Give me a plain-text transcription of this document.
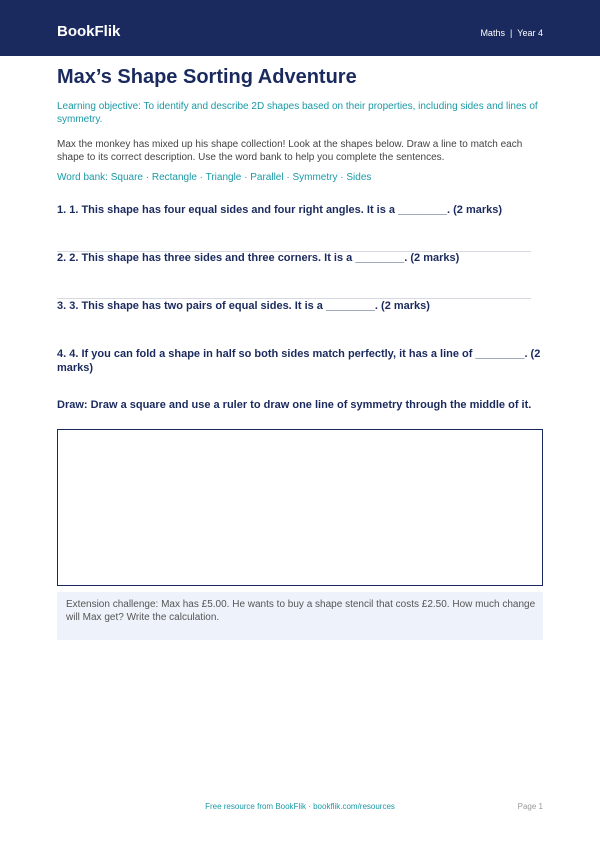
BookFlik	Maths | Year 4
Max’s Shape Sorting Adventure
Learning objective: To identify and describe 2D shapes based on their properties, including sides and lines of symmetry.
Max the monkey has mixed up his shape collection! Look at the shapes below. Draw a line to match each shape to its correct description. Use the word bank to help you complete the sentences.
Word bank: Square · Rectangle · Triangle · Parallel · Symmetry · Sides
1. 1. This shape has four equal sides and four right angles. It is a ________. (2 marks)
2. 2. This shape has three sides and three corners. It is a ________. (2 marks)
3. 3. This shape has two pairs of equal sides. It is a ________. (2 marks)
4. 4. If you can fold a shape in half so both sides match perfectly, it has a line of ________. (2 marks)
Draw: Draw a square and use a ruler to draw one line of symmetry through the middle of it.
Extension challenge: Max has £5.00. He wants to buy a shape stencil that costs £2.50. How much change will Max get? Write the calculation.
Free resource from BookFlik · bookflik.com/resources	Page 1
